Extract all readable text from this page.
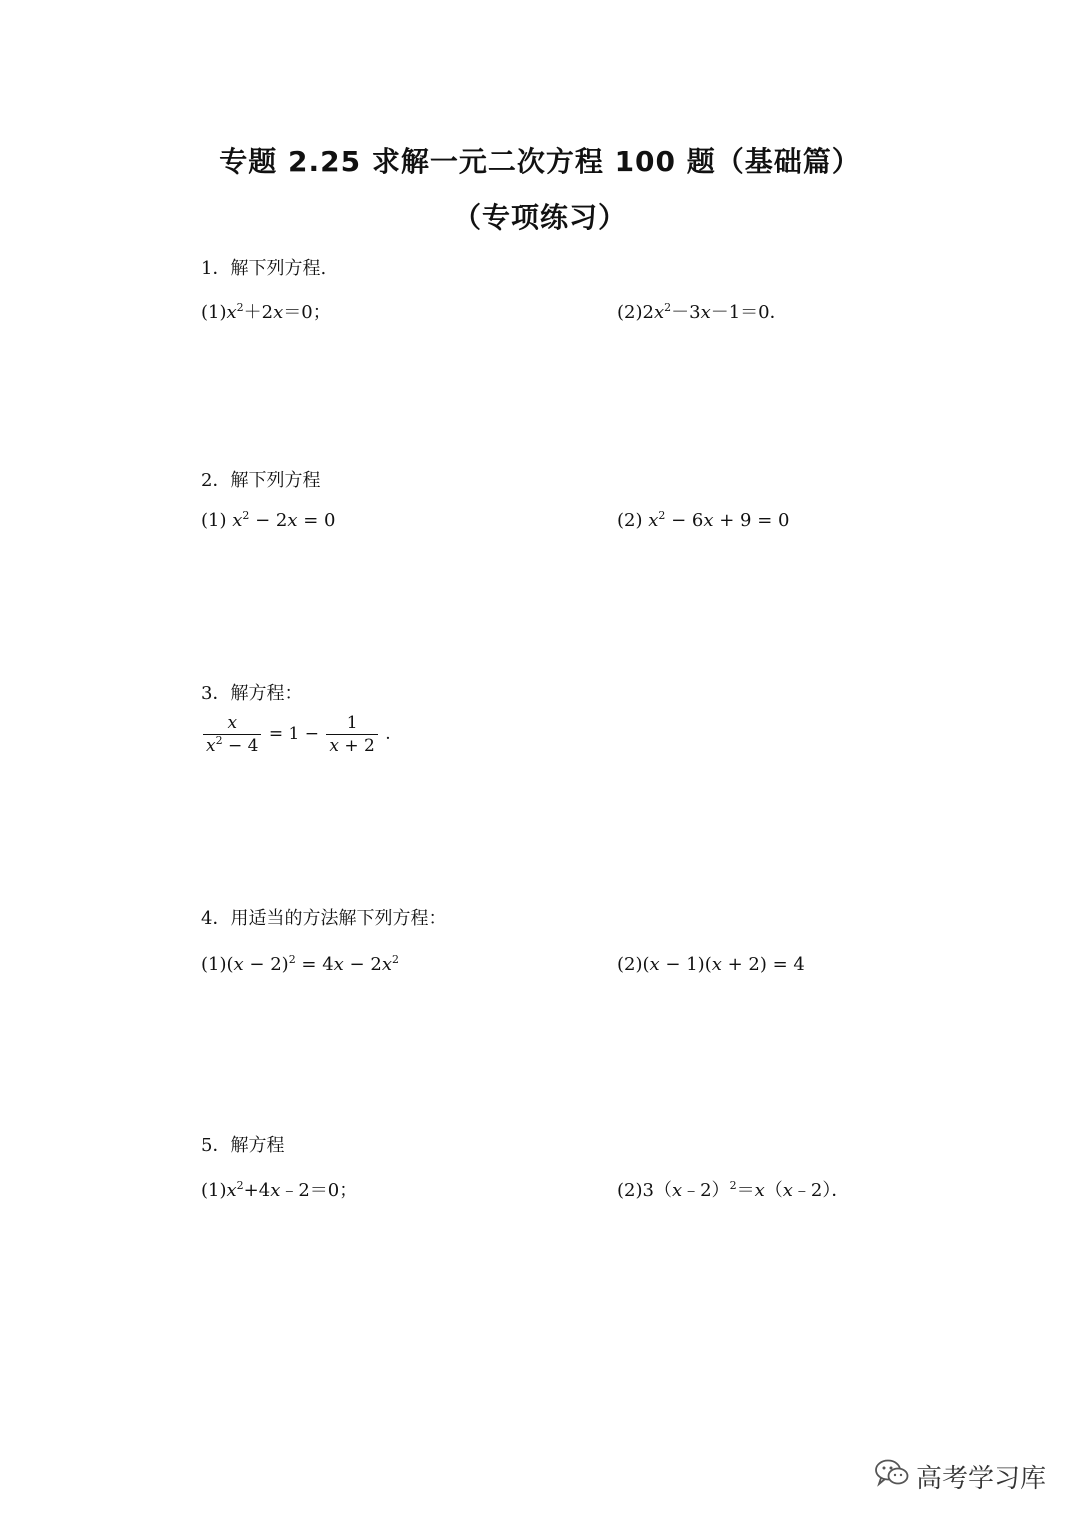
专题 2.25 求解一元二次方程 100 题（基础篇）
（专项练习）
1．解下列方程.
$(1)x^2+2x=0$；	$(2)2x^2-3x-1=0$．
2．解下列方程
(1) $x^2 - 2x = 0$	(2) $x^2 - 6x + 9 = 0$
3．解方程：
$\frac{x}{x^2 - 4} = 1 - \frac{1}{x + 2}$ .
4．用适当的方法解下列方程：
$(1)(x - 2)^2 = 4x - 2x^2$	(2)(x − 1)(x + 2) = 4
5．解方程
$(1)x^2+4x﹣2=0$；	(2)3（x﹣2）$^2$＝x（x﹣2）．
高考学习库
